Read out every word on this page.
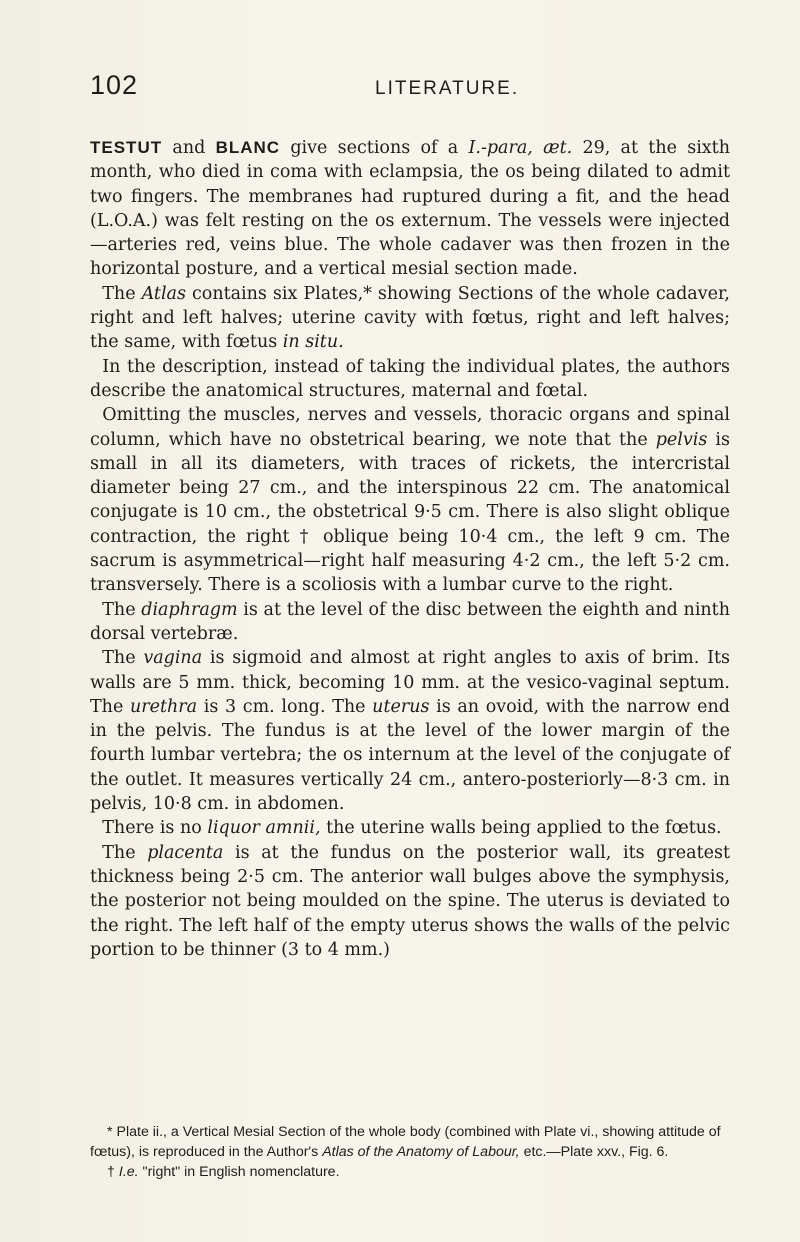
102	LITERATURE.

TESTUT and BLANC give sections of a I.-para, æt. 29, at the sixth month, who died in coma with eclampsia, the os being dilated to admit two fingers. The membranes had ruptured during a fit, and the head (L.O.A.) was felt resting on the os externum. The vessels were injected—arteries red, veins blue. The whole cadaver was then frozen in the horizontal posture, and a vertical mesial section made.

The Atlas contains six Plates,* showing Sections of the whole cadaver, right and left halves; uterine cavity with fœtus, right and left halves; the same, with fœtus in situ.

In the description, instead of taking the individual plates, the authors describe the anatomical structures, maternal and fœtal.

Omitting the muscles, nerves and vessels, thoracic organs and spinal column, which have no obstetrical bearing, we note that the pelvis is small in all its diameters, with traces of rickets, the intercristal diameter being 27 cm., and the interspinous 22 cm. The anatomical conjugate is 10 cm., the obstetrical 9·5 cm. There is also slight oblique contraction, the right † oblique being 10·4 cm., the left 9 cm. The sacrum is asymmetrical—right half measuring 4·2 cm., the left 5·2 cm. transversely. There is a scoliosis with a lumbar curve to the right.

The diaphragm is at the level of the disc between the eighth and ninth dorsal vertebræ.

The vagina is sigmoid and almost at right angles to axis of brim. Its walls are 5 mm. thick, becoming 10 mm. at the vesico-vaginal septum. The urethra is 3 cm. long. The uterus is an ovoid, with the narrow end in the pelvis. The fundus is at the level of the lower margin of the fourth lumbar vertebra; the os internum at the level of the conjugate of the outlet. It measures vertically 24 cm., antero-posteriorly—8·3 cm. in pelvis, 10·8 cm. in abdomen.

There is no liquor amnii, the uterine walls being applied to the fœtus.

The placenta is at the fundus on the posterior wall, its greatest thickness being 2·5 cm. The anterior wall bulges above the symphysis, the posterior not being moulded on the spine. The uterus is deviated to the right. The left half of the empty uterus shows the walls of the pelvic portion to be thinner (3 to 4 mm.)

* Plate ii., a Vertical Mesial Section of the whole body (combined with Plate vi., showing attitude of fœtus), is reproduced in the Author's Atlas of the Anatomy of Labour, etc.—Plate xxv., Fig. 6.

† I.e. "right" in English nomenclature.
